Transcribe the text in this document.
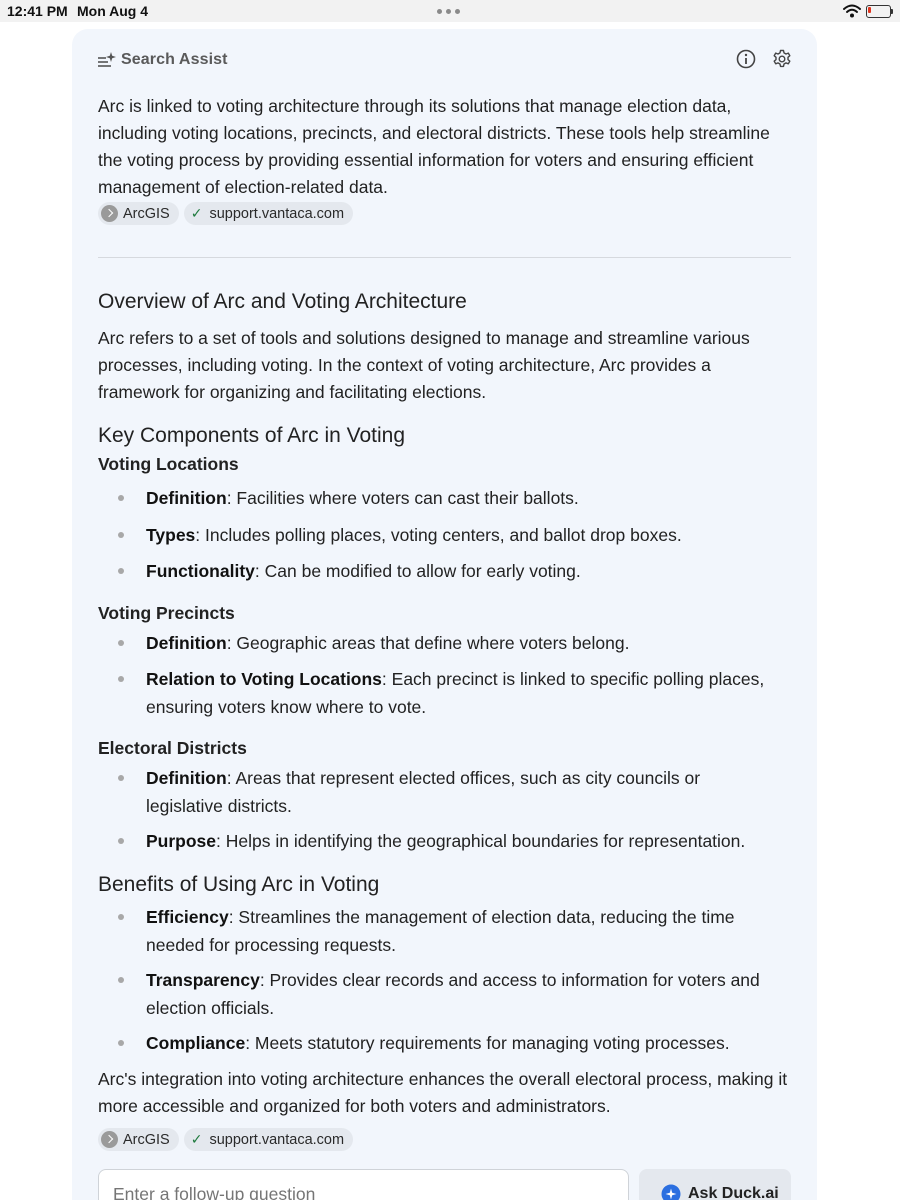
12:41 PM Mon Aug 4
Search Assist

Arc is linked to voting architecture through its solutions that manage election data, including voting locations, precincts, and electoral districts. These tools help streamline the voting process by providing essential information for voters and ensuring efficient management of election-related data.

ArcGIS ✓ support.vantaca.com
Overview of Arc and Voting Architecture

Arc refers to a set of tools and solutions designed to manage and streamline various processes, including voting. In the context of voting architecture, Arc provides a framework for organizing and facilitating elections.

Key Components of Arc in Voting
Voting Locations
Definition: Facilities where voters can cast their ballots.
Types: Includes polling places, voting centers, and ballot drop boxes.
Functionality: Can be modified to allow for early voting.
Voting Precincts
Definition: Geographic areas that define where voters belong.
Relation to Voting Locations: Each precinct is linked to specific polling places, ensuring voters know where to vote.
Electoral Districts
Definition: Areas that represent elected offices, such as city councils or legislative districts.
Purpose: Helps in identifying the geographical boundaries for representation.
Benefits of Using Arc in Voting
Efficiency: Streamlines the management of election data, reducing the time needed for processing requests.
Transparency: Provides clear records and access to information for voters and election officials.
Compliance: Meets statutory requirements for managing voting processes.

Arc's integration into voting architecture enhances the overall electoral process, making it more accessible and organized for both voters and administrators.

ArcGIS ✓ support.vantaca.com
Enter a follow-up question
Ask Duck.ai
